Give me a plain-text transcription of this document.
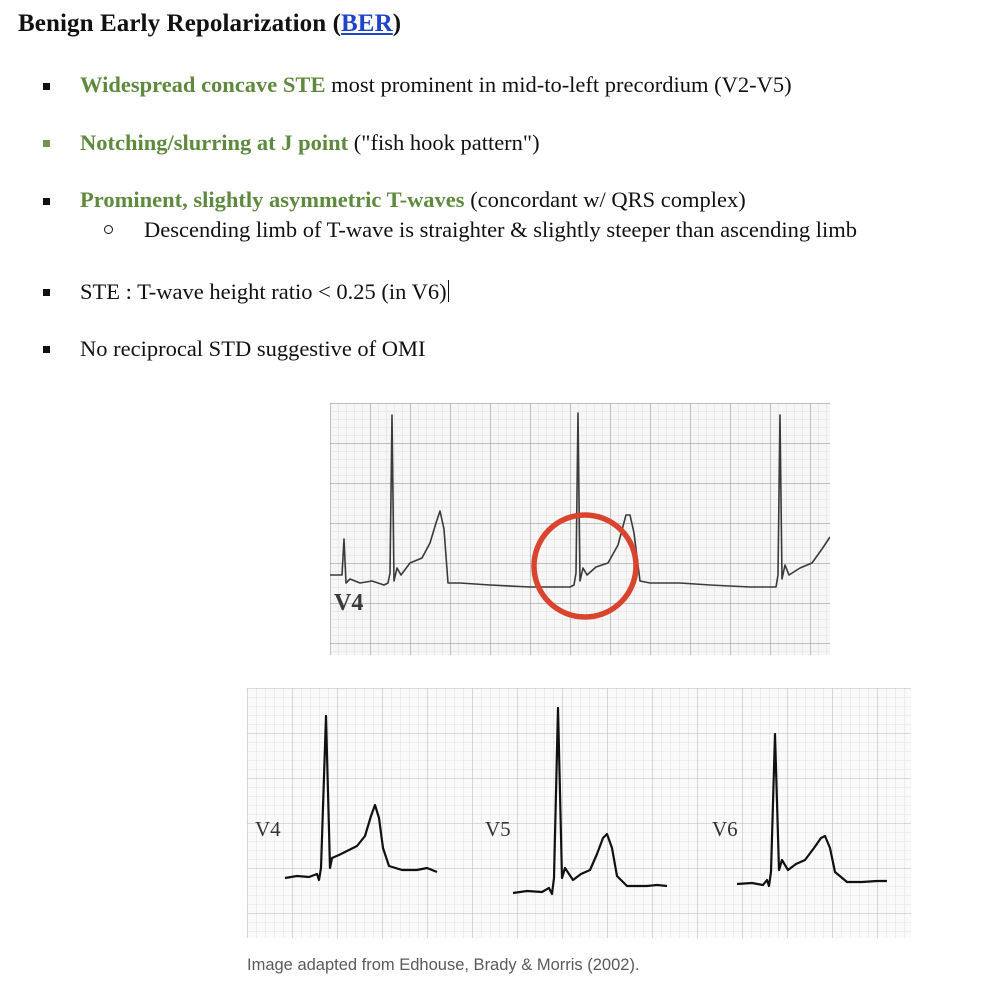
Benign Early Repolarization (BER)
Widespread concave STE most prominent in mid-to-left precordium (V2-V5)
Notching/slurring at J point ("fish hook pattern")
Prominent, slightly asymmetric T-waves (concordant w/ QRS complex)
Descending limb of T-wave is straighter & slightly steeper than ascending limb
STE : T-wave height ratio < 0.25 (in V6)
No reciprocal STD suggestive of OMI
V4
V4	V5	V6
Image adapted from Edhouse, Brady & Morris (2002).
